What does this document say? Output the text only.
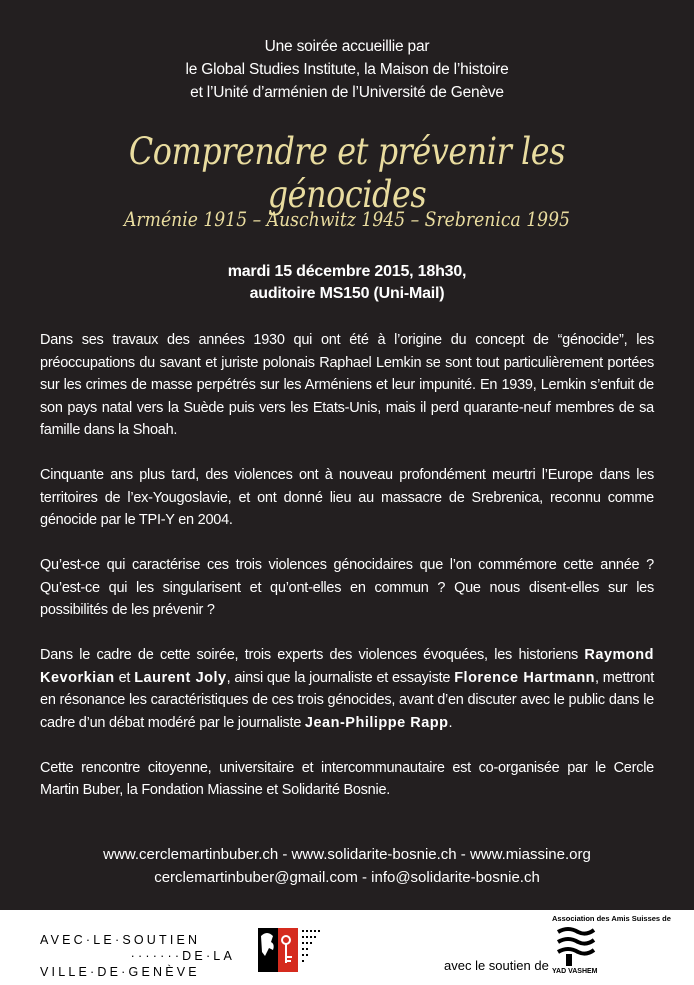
Une soirée accueillie par
le Global Studies Institute, la Maison de l’histoire
et l’Unité d’arménien de l’Université de Genève
Comprendre et prévenir les génocides
Arménie 1915 – Auschwitz 1945 – Srebrenica 1995
mardi 15 décembre 2015, 18h30,
auditoire MS150 (Uni-Mail)

Dans ses travaux des années 1930 qui ont été à l’origine du concept de “génocide”, les préoccupations du savant et juriste polonais Raphael Lemkin se sont tout particulièrement portées sur les crimes de masse perpétrés sur les Arméniens et leur impunité. En 1939, Lemkin s’enfuit de son pays natal vers la Suède puis vers les Etats-Unis, mais il perd quarante-neuf membres de sa famille dans la Shoah.

Cinquante ans plus tard, des violences ont à nouveau profondément meurtri l’Europe dans les territoires de l’ex-Yougoslavie, et ont donné lieu au massacre de Srebrenica, reconnu comme génocide par le TPI-Y en 2004.

Qu’est-ce qui caractérise ces trois violences génocidaires que l’on commémore cette année ? Qu’est-ce qui les singularisent et qu’ont-elles en commun ? Que nous disent-elles sur les possibilités de les prévenir ?

Dans le cadre de cette soirée, trois experts des violences évoquées, les historiens Raymond Kevorkian et Laurent Joly, ainsi que la journaliste et essayiste Florence Hartmann, mettront en résonance les caractéristiques de ces trois génocides, avant d’en discuter avec le public dans le cadre d’un débat modéré par le journaliste Jean-Philippe Rapp.

Cette rencontre citoyenne, universitaire et intercommunautaire est co-organisée par le Cercle Martin Buber, la Fondation Miassine et Solidarité Bosnie.

www.cerclemartinbuber.ch - www.solidarite-bosnie.ch - www.miassine.org
cerclemartinbuber@gmail.com - info@solidarite-bosnie.ch
AVEC·LE·SOUTIEN
·······DE·LA
VILLE·DE·GENÈVE	avec le soutien de
Association des Amis Suisses de
YAD VASHEM
